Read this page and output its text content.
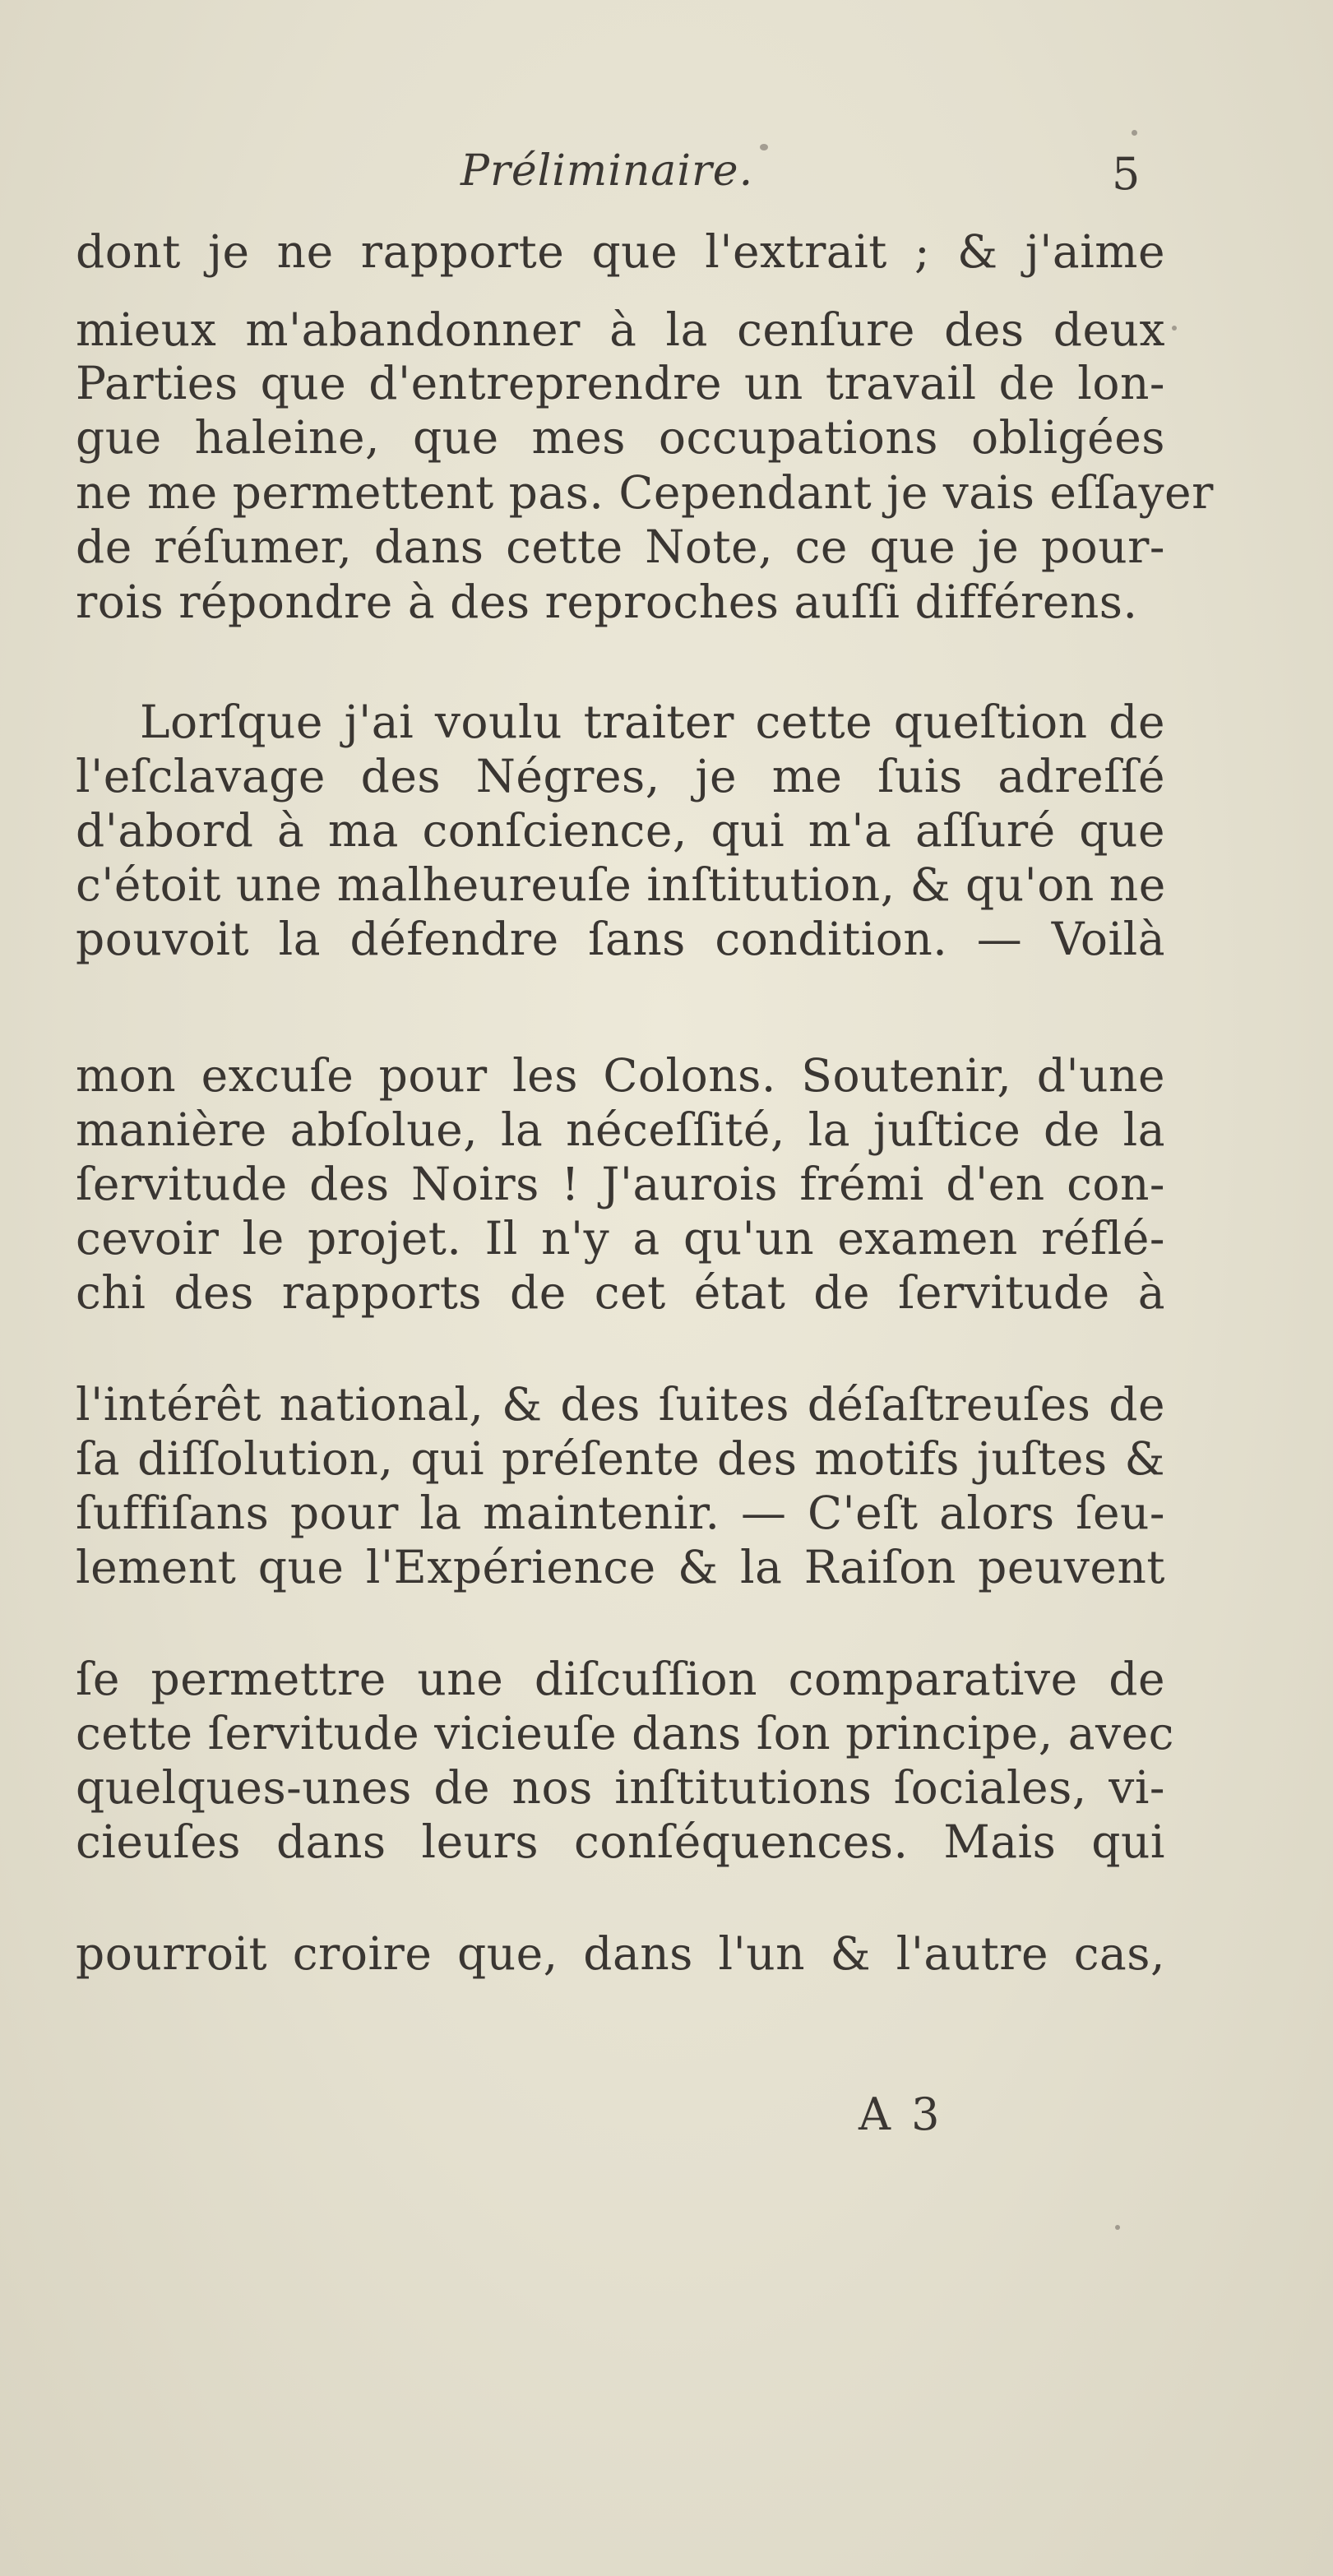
Préliminaire.	5
dont je ne rapporte que l'extrait ; & j'aime
mieux m'abandonner à la cenſure des deux
Parties que d'entreprendre un travail de lon-
gue haleine, que mes occupations obligées
ne me permettent pas. Cependant je vais eſſayer
de réſumer, dans cette Note, ce que je pour-
rois répondre à des reproches auſſi différens.
Lorſque j'ai voulu traiter cette queſtion de
l'eſclavage des Négres, je me ſuis adreſſé
d'abord à ma conſcience, qui m'a aſſuré que
c'étoit une malheureuſe inſtitution, & qu'on ne
pouvoit la défendre ſans condition. — Voilà
mon excuſe pour les Colons. Soutenir, d'une
manière abſolue, la néceſſité, la juſtice de la
ſervitude des Noirs ! J'aurois frémi d'en con-
cevoir le projet. Il n'y a qu'un examen réflé-
chi des rapports de cet état de ſervitude à
l'intérêt national, & des ſuites déſaſtreuſes de
ſa diſſolution, qui préſente des motifs juſtes &
ſuffiſans pour la maintenir. — C'eſt alors ſeu-
lement que l'Expérience & la Raiſon peuvent
ſe permettre une diſcuſſion comparative de
cette ſervitude vicieuſe dans ſon principe, avec
quelques-unes de nos inſtitutions ſociales, vi-
cieuſes dans leurs conſéquences. Mais qui
pourroit croire que, dans l'un & l'autre cas,
A 3
